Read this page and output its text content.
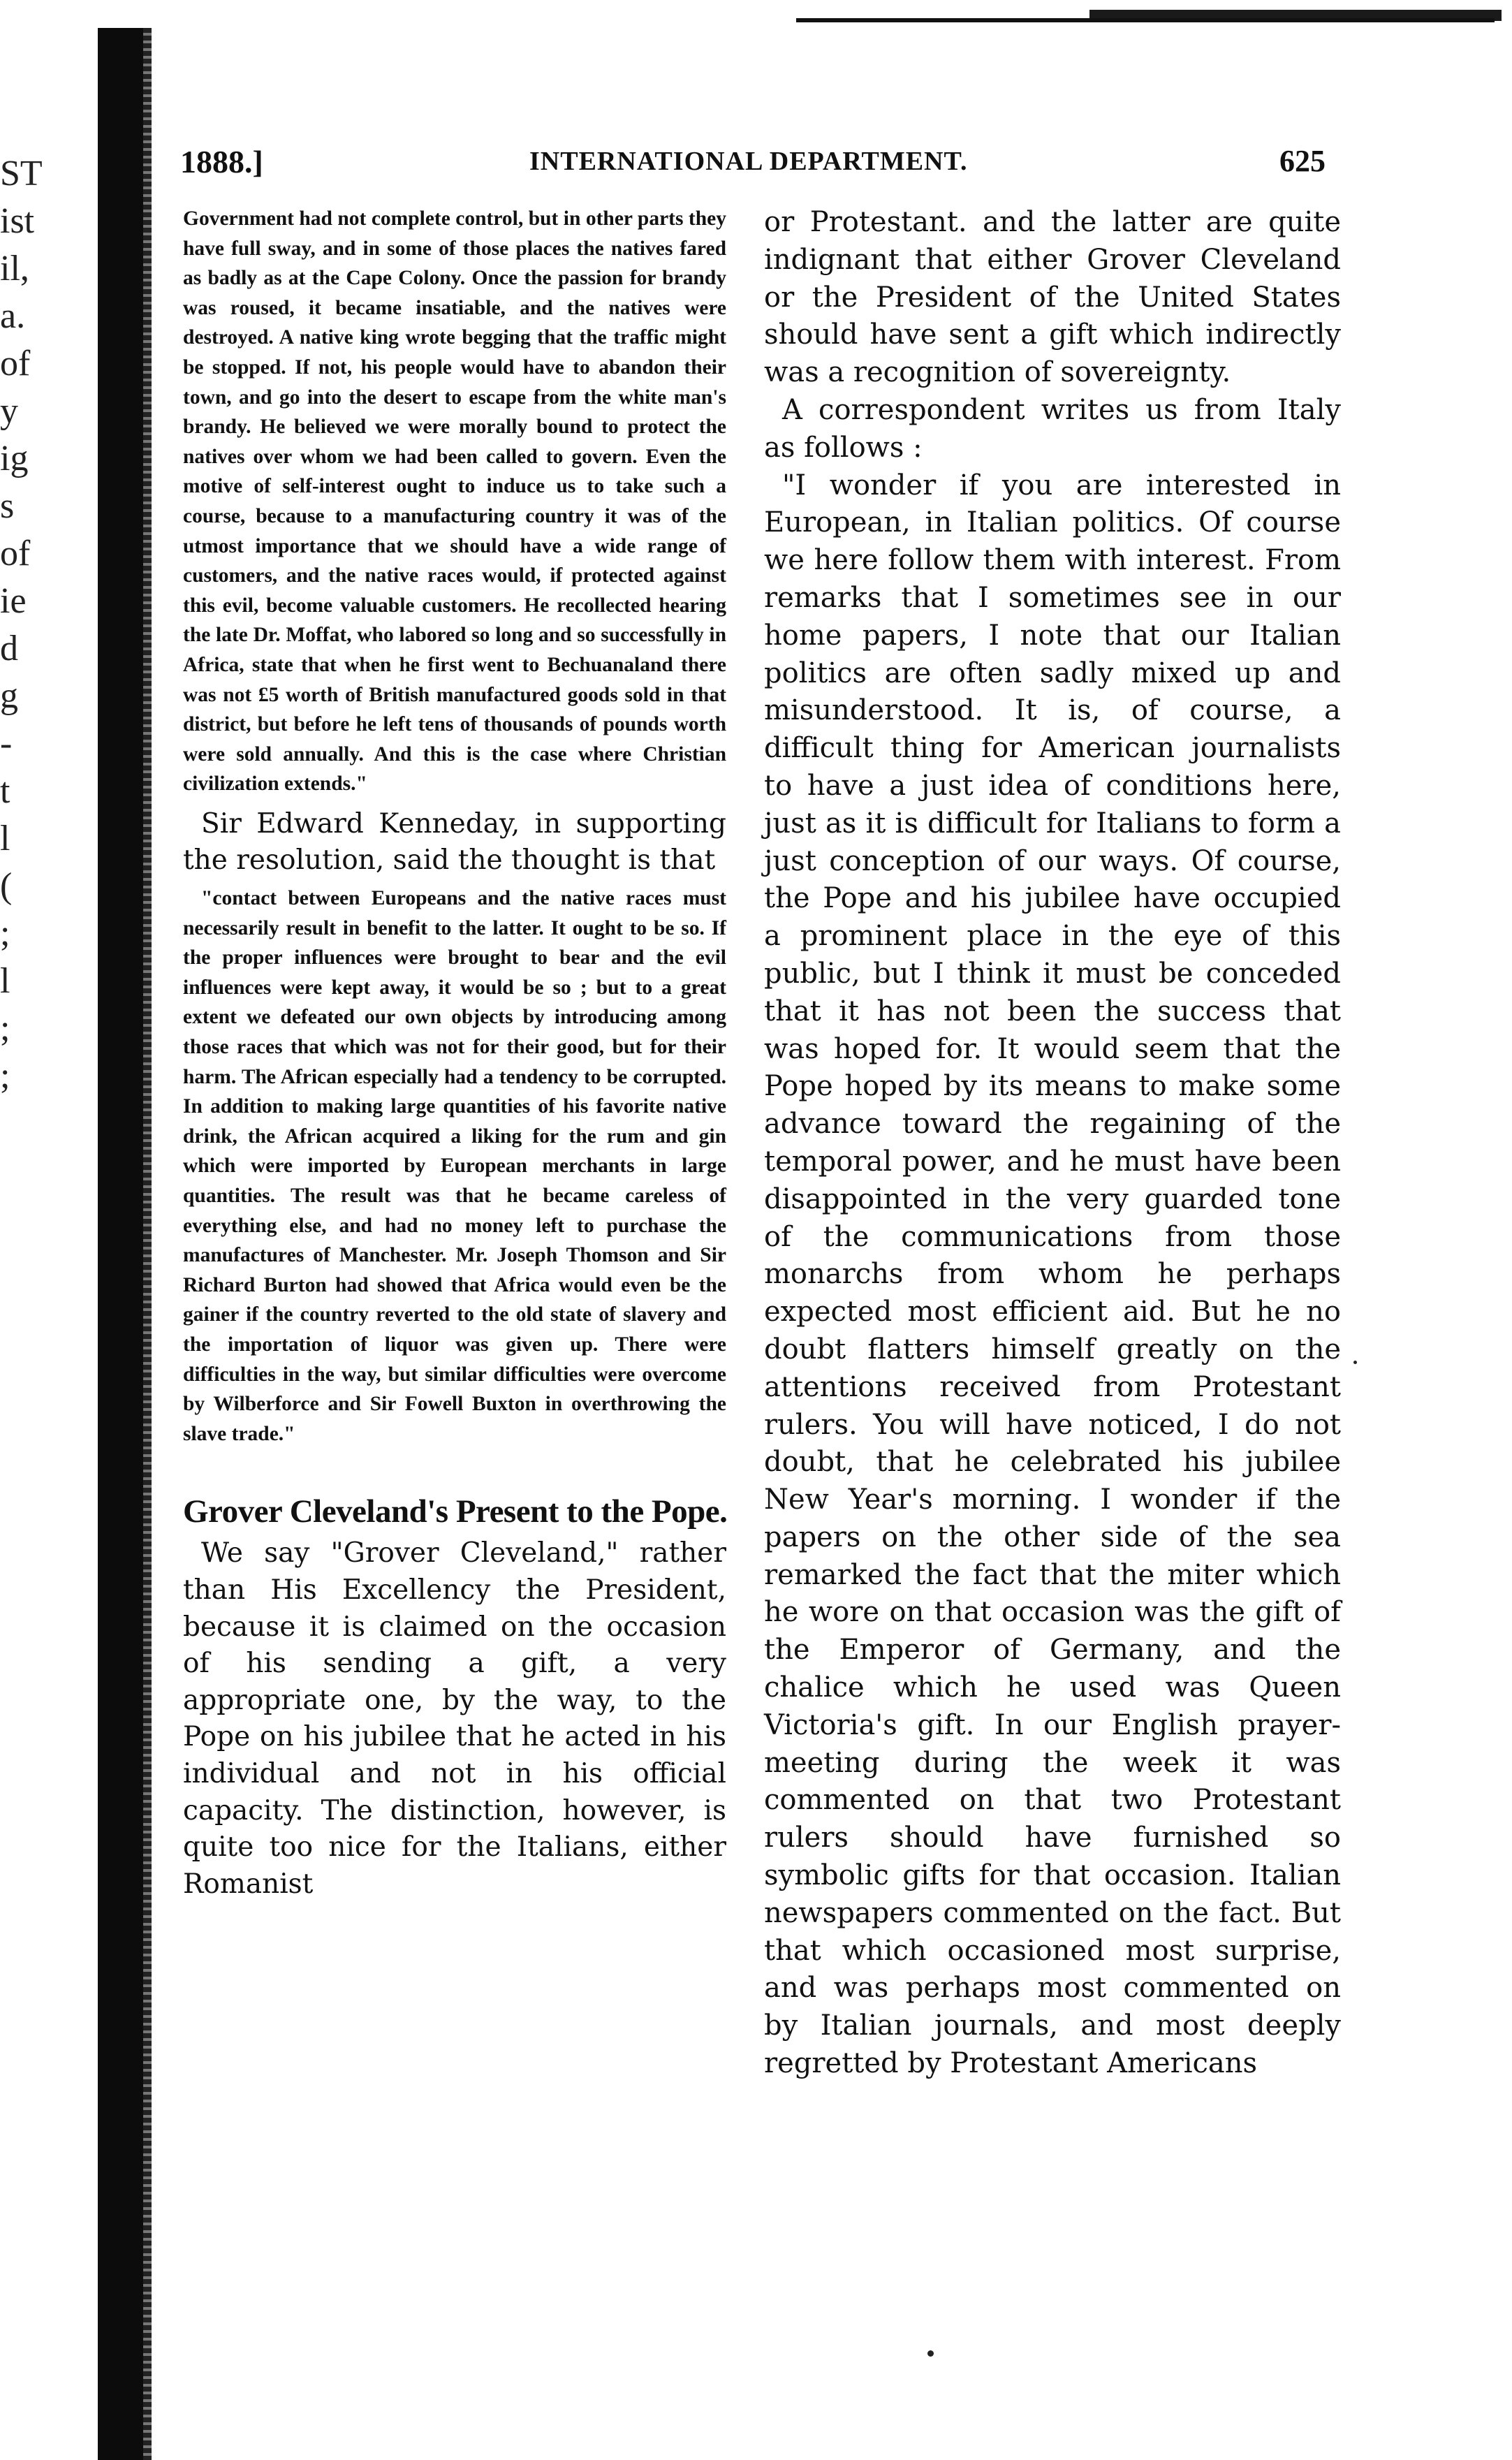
ST
ist
il,
a.
of
y
ig
s
of
ie
d
g
-
t
l
(
;
l
;
;
1888.]	INTERNATIONAL DEPARTMENT.	625

Government had not complete control, but in other parts they have full sway, and in some of those places the natives fared as badly as at the Cape Colony. Once the passion for brandy was roused, it became insatiable, and the natives were destroyed. A native king wrote begging that the traffic might be stopped. If not, his people would have to abandon their town, and go into the desert to escape from the white man's brandy. He believed we were morally bound to protect the natives over whom we had been called to govern. Even the motive of self-interest ought to induce us to take such a course, because to a manufacturing country it was of the utmost importance that we should have a wide range of customers, and the native races would, if protected against this evil, become valuable customers. He recollected hearing the late Dr. Moffat, who labored so long and so successfully in Africa, state that when he first went to Bechuanaland there was not £5 worth of British manufactured goods sold in that district, but before he left tens of thousands of pounds worth were sold annually. And this is the case where Christian civilization extends."

Sir Edward Kenneday, in supporting the resolution, said the thought is that

"contact between Europeans and the native races must necessarily result in benefit to the latter. It ought to be so. If the proper influences were brought to bear and the evil influences were kept away, it would be so ; but to a great extent we defeated our own objects by introducing among those races that which was not for their good, but for their harm. The African especially had a tendency to be corrupted. In addition to making large quantities of his favorite native drink, the African acquired a liking for the rum and gin which were imported by European merchants in large quantities. The result was that he became careless of everything else, and had no money left to purchase the manufactures of Manchester. Mr. Joseph Thomson and Sir Richard Burton had showed that Africa would even be the gainer if the country reverted to the old state of slavery and the importation of liquor was given up. There were difficulties in the way, but similar difficulties were overcome by Wilberforce and Sir Fowell Buxton in overthrowing the slave trade."

Grover Cleveland's Present to the Pope.

We say "Grover Cleveland," rather than His Excellency the President, because it is claimed on the occasion of his sending a gift, a very appropriate one, by the way, to the Pope on his jubilee that he acted in his individual and not in his official capacity. The distinction, however, is quite too nice for the Italians, either Romanist

or Protestant. and the latter are quite indignant that either Grover Cleveland or the President of the United States should have sent a gift which indirectly was a recognition of sovereignty.

A correspondent writes us from Italy as follows :

"I wonder if you are interested in European, in Italian politics. Of course we here follow them with interest. From remarks that I sometimes see in our home papers, I note that our Italian politics are often sadly mixed up and misunderstood. It is, of course, a difficult thing for American journalists to have a just idea of conditions here, just as it is difficult for Italians to form a just conception of our ways. Of course, the Pope and his jubilee have occupied a prominent place in the eye of this public, but I think it must be conceded that it has not been the success that was hoped for. It would seem that the Pope hoped by its means to make some advance toward the regaining of the temporal power, and he must have been disappointed in the very guarded tone of the communications from those monarchs from whom he perhaps expected most efficient aid. But he no doubt flatters himself greatly on the attentions received from Protestant rulers. You will have noticed, I do not doubt, that he celebrated his jubilee New Year's morning. I wonder if the papers on the other side of the sea remarked the fact that the miter which he wore on that occasion was the gift of the Emperor of Germany, and the chalice which he used was Queen Victoria's gift. In our English prayer-meeting during the week it was commented on that two Protestant rulers should have furnished so symbolic gifts for that occasion. Italian newspapers commented on the fact. But that which occasioned most surprise, and was perhaps most commented on by Italian journals, and most deeply regretted by Protestant Americans
